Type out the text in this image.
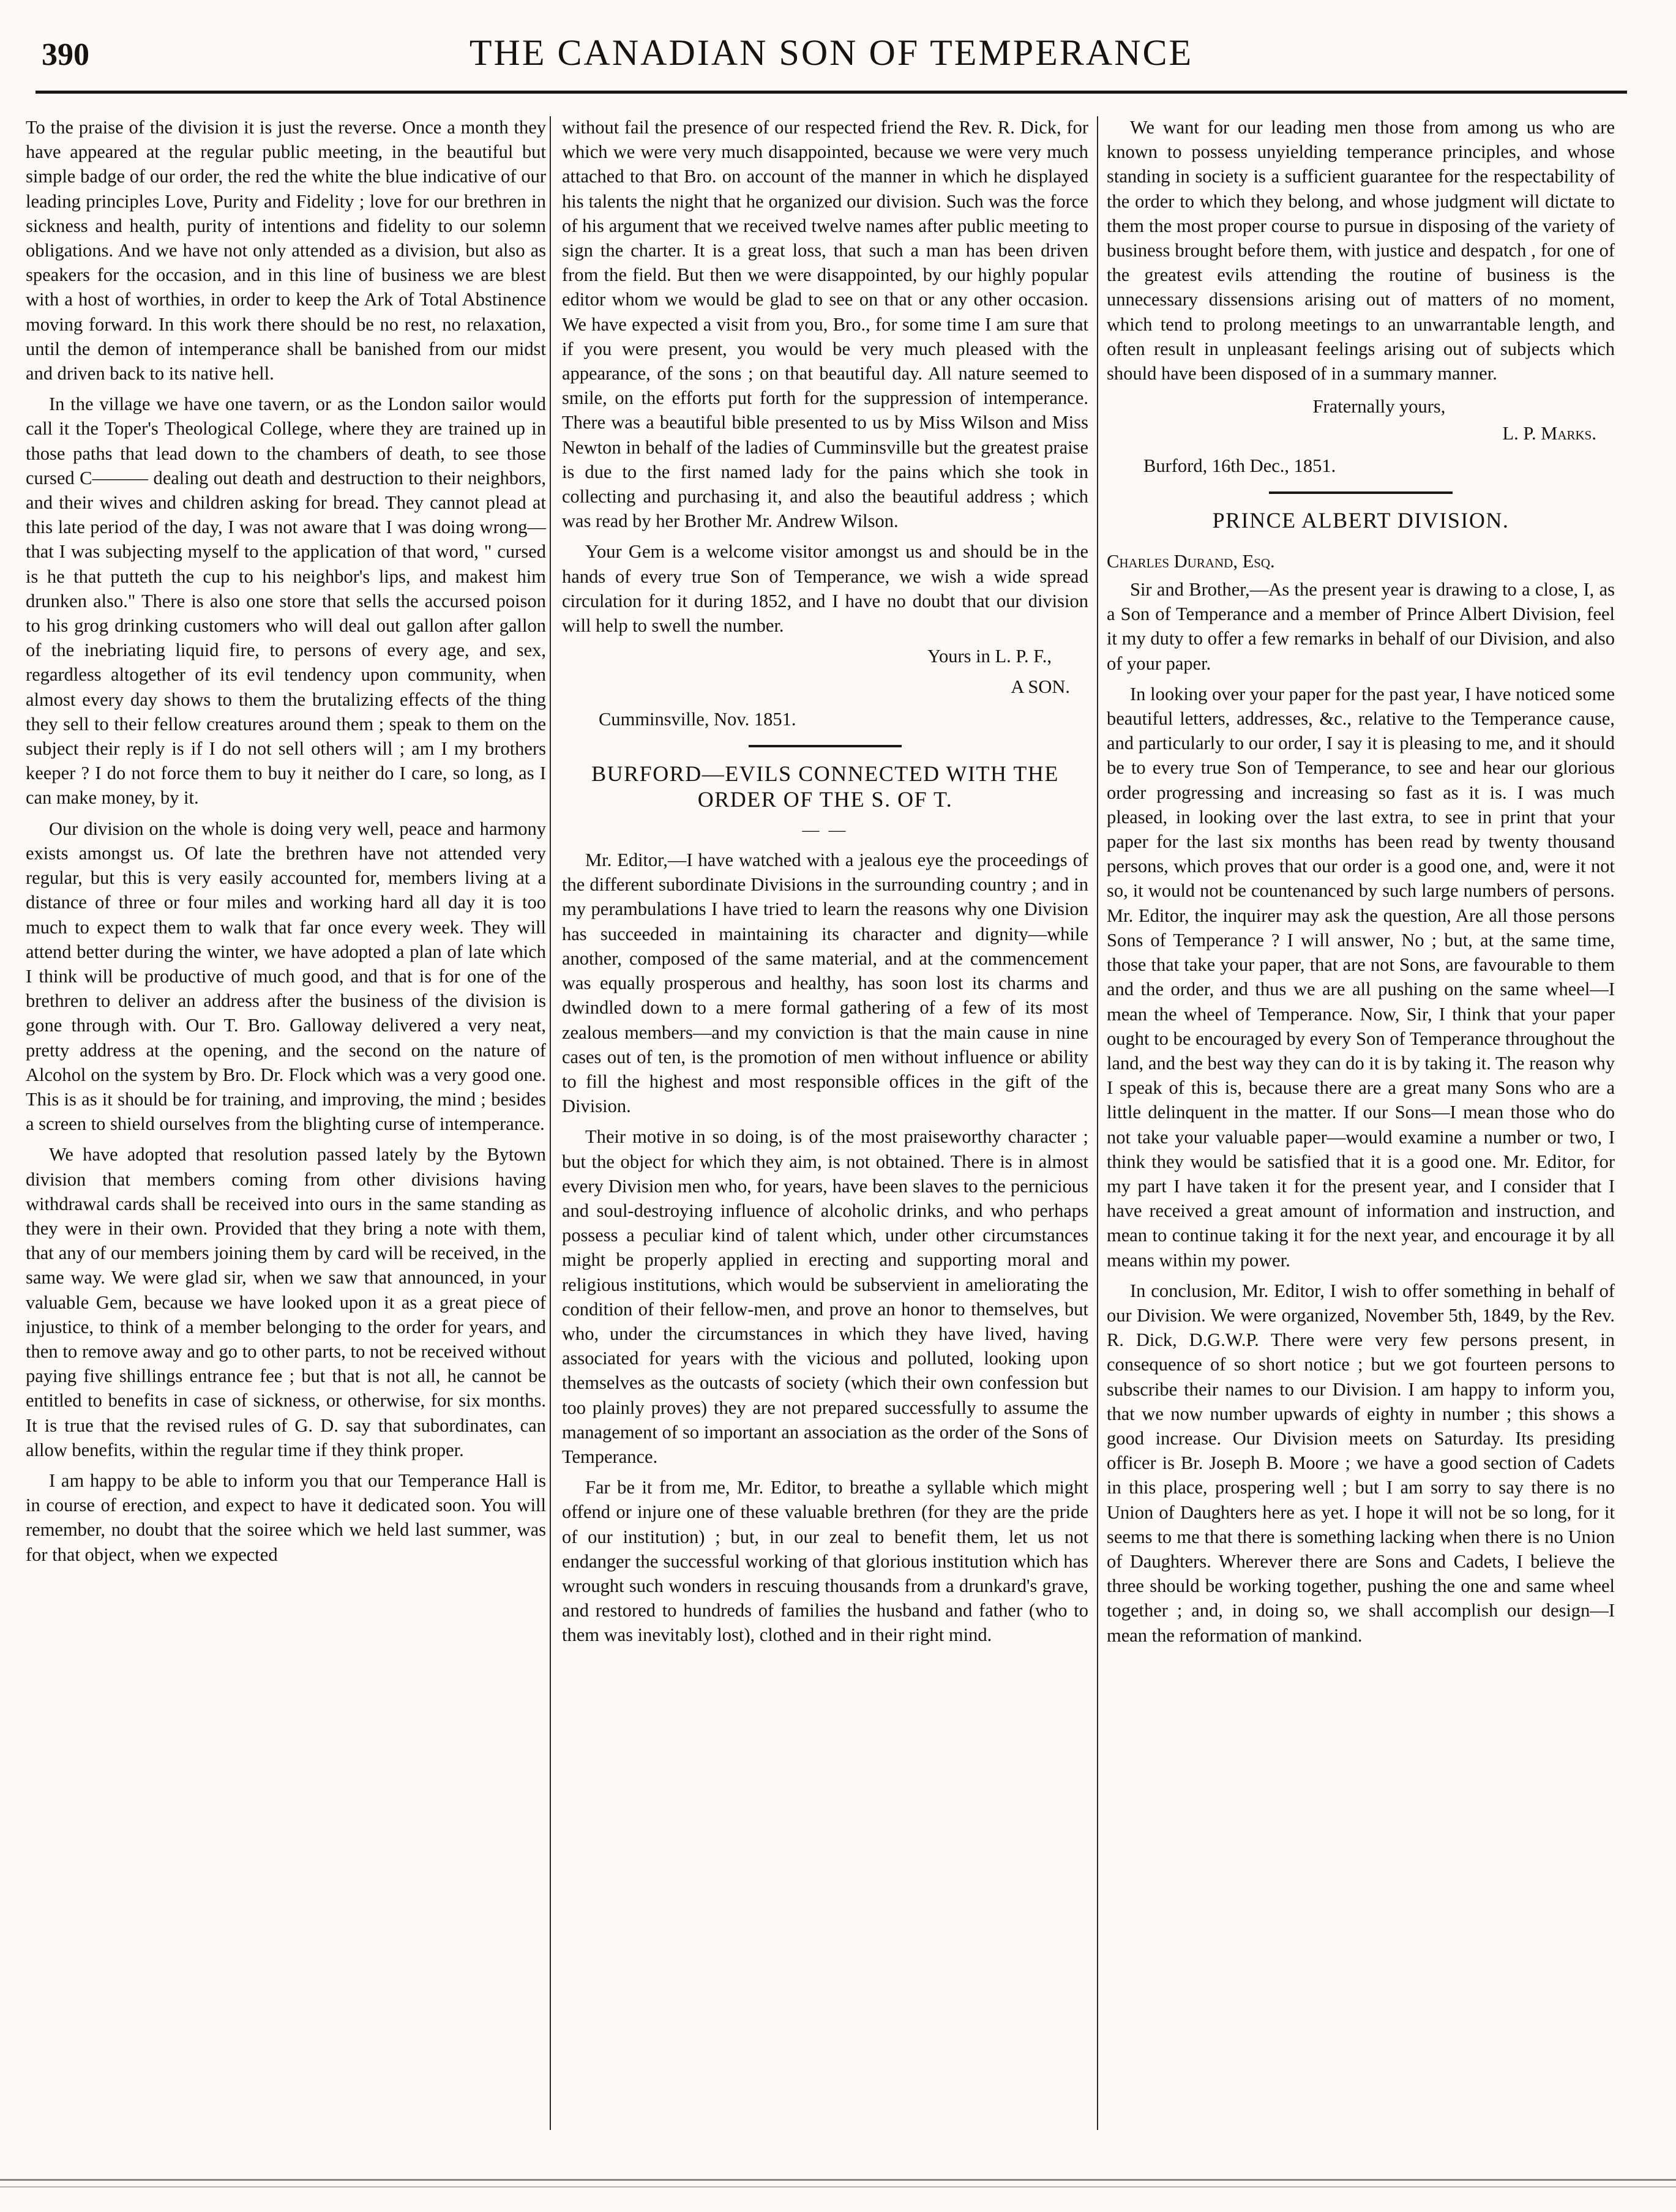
390	THE CANADIAN SON OF TEMPERANCE

To the praise of the division it is just the reverse. Once a month they have appeared at the regular public meeting, in the beautiful but simple badge of our order, the red the white the blue indicative of our leading principles Love, Purity and Fidelity ; love for our brethren in sickness and health, purity of intentions and fidelity to our solemn obligations. And we have not only attended as a division, but also as speakers for the occasion, and in this line of business we are blest with a host of worthies, in order to keep the Ark of Total Abstinence moving forward. In this work there should be no rest, no relaxation, until the demon of intemperance shall be banished from our midst and driven back to its native hell.

In the village we have one tavern, or as the London sailor would call it the Toper's Theological College, where they are trained up in those paths that lead down to the chambers of death, to see those cursed C——— dealing out death and destruction to their neighbors, and their wives and children asking for bread. They cannot plead at this late period of the day, I was not aware that I was doing wrong—that I was subjecting myself to the application of that word, " cursed is he that putteth the cup to his neighbor's lips, and makest him drunken also." There is also one store that sells the accursed poison to his grog drinking customers who will deal out gallon after gallon of the inebriating liquid fire, to persons of every age, and sex, regardless altogether of its evil tendency upon community, when almost every day shows to them the brutalizing effects of the thing they sell to their fellow creatures around them ; speak to them on the subject their reply is if I do not sell others will ; am I my brothers keeper ? I do not force them to buy it neither do I care, so long, as I can make money, by it.

Our division on the whole is doing very well, peace and harmony exists amongst us. Of late the brethren have not attended very regular, but this is very easily accounted for, members living at a distance of three or four miles and working hard all day it is too much to expect them to walk that far once every week. They will attend better during the winter, we have adopted a plan of late which I think will be productive of much good, and that is for one of the brethren to deliver an address after the business of the division is gone through with. Our T. Bro. Galloway delivered a very neat, pretty address at the opening, and the second on the nature of Alcohol on the system by Bro. Dr. Flock which was a very good one. This is as it should be for training, and improving, the mind ; besides a screen to shield ourselves from the blighting curse of intemperance.

We have adopted that resolution passed lately by the Bytown division that members coming from other divisions having withdrawal cards shall be received into ours in the same standing as they were in their own. Provided that they bring a note with them, that any of our members joining them by card will be received, in the same way. We were glad sir, when we saw that announced, in your valuable Gem, because we have looked upon it as a great piece of injustice, to think of a member belonging to the order for years, and then to remove away and go to other parts, to not be received without paying five shillings entrance fee ; but that is not all, he cannot be entitled to benefits in case of sickness, or otherwise, for six months. It is true that the revised rules of G. D. say that subordinates, can allow benefits, within the regular time if they think proper.

I am happy to be able to inform you that our Temperance Hall is in course of erection, and expect to have it dedicated soon. You will remember, no doubt that the soiree which we held last summer, was for that object, when we expected

without fail the presence of our respected friend the Rev. R. Dick, for which we were very much disappointed, because we were very much attached to that Bro. on account of the manner in which he displayed his talents the night that he organized our division. Such was the force of his argument that we received twelve names after public meeting to sign the charter. It is a great loss, that such a man has been driven from the field. But then we were disappointed, by our highly popular editor whom we would be glad to see on that or any other occasion. We have expected a visit from you, Bro., for some time I am sure that if you were present, you would be very much pleased with the appearance, of the sons ; on that beautiful day. All nature seemed to smile, on the efforts put forth for the suppression of intemperance. There was a beautiful bible presented to us by Miss Wilson and Miss Newton in behalf of the ladies of Cumminsville but the greatest praise is due to the first named lady for the pains which she took in collecting and purchasing it, and also the beautiful address ; which was read by her Brother Mr. Andrew Wilson.

Your Gem is a welcome visitor amongst us and should be in the hands of every true Son of Temperance, we wish a wide spread circulation for it during 1852, and I have no doubt that our division will help to swell the number.

Yours in L. P. F.,

A SON.

Cumminsville, Nov. 1851.

BURFORD—EVILS CONNECTED WITH THE ORDER OF THE S. OF T.

— —

Mr. Editor,—I have watched with a jealous eye the proceedings of the different subordinate Divisions in the surrounding country ; and in my perambulations I have tried to learn the reasons why one Division has succeeded in maintaining its character and dignity—while another, composed of the same material, and at the commencement was equally prosperous and healthy, has soon lost its charms and dwindled down to a mere formal gathering of a few of its most zealous members—and my conviction is that the main cause in nine cases out of ten, is the promotion of men without influence or ability to fill the highest and most responsible offices in the gift of the Division.

Their motive in so doing, is of the most praiseworthy character ; but the object for which they aim, is not obtained. There is in almost every Division men who, for years, have been slaves to the pernicious and soul-destroying influence of alcoholic drinks, and who perhaps possess a peculiar kind of talent which, under other circumstances might be properly applied in erecting and supporting moral and religious institutions, which would be subservient in ameliorating the condition of their fellow-men, and prove an honor to themselves, but who, under the circumstances in which they have lived, having associated for years with the vicious and polluted, looking upon themselves as the outcasts of society (which their own confession but too plainly proves) they are not prepared successfully to assume the management of so important an association as the order of the Sons of Temperance.

Far be it from me, Mr. Editor, to breathe a syllable which might offend or injure one of these valuable brethren (for they are the pride of our institution) ; but, in our zeal to benefit them, let us not endanger the successful working of that glorious institution which has wrought such wonders in rescuing thousands from a drunkard's grave, and restored to hundreds of families the husband and father (who to them was inevitably lost), clothed and in their right mind.

We want for our leading men those from among us who are known to possess unyielding temperance principles, and whose standing in society is a sufficient guarantee for the respectability of the order to which they belong, and whose judgment will dictate to them the most proper course to pursue in disposing of the variety of business brought before them, with justice and despatch , for one of the greatest evils attending the routine of business is the unnecessary dissensions arising out of matters of no moment, which tend to prolong meetings to an unwarrantable length, and often result in unpleasant feelings arising out of subjects which should have been disposed of in a summary manner.

Fraternally yours,

L. P. Marks.

Burford, 16th Dec., 1851.

PRINCE ALBERT DIVISION.

Charles Durand, Esq.

Sir and Brother,—As the present year is drawing to a close, I, as a Son of Temperance and a member of Prince Albert Division, feel it my duty to offer a few remarks in behalf of our Division, and also of your paper.

In looking over your paper for the past year, I have noticed some beautiful letters, addresses, &c., relative to the Temperance cause, and particularly to our order, I say it is pleasing to me, and it should be to every true Son of Temperance, to see and hear our glorious order progressing and increasing so fast as it is. I was much pleased, in looking over the last extra, to see in print that your paper for the last six months has been read by twenty thousand persons, which proves that our order is a good one, and, were it not so, it would not be countenanced by such large numbers of persons. Mr. Editor, the inquirer may ask the question, Are all those persons Sons of Temperance ? I will answer, No ; but, at the same time, those that take your paper, that are not Sons, are favourable to them and the order, and thus we are all pushing on the same wheel—I mean the wheel of Temperance. Now, Sir, I think that your paper ought to be encouraged by every Son of Temperance throughout the land, and the best way they can do it is by taking it. The reason why I speak of this is, because there are a great many Sons who are a little delinquent in the matter. If our Sons—I mean those who do not take your valuable paper—would examine a number or two, I think they would be satisfied that it is a good one. Mr. Editor, for my part I have taken it for the present year, and I consider that I have received a great amount of information and instruction, and mean to continue taking it for the next year, and encourage it by all means within my power.

In conclusion, Mr. Editor, I wish to offer something in behalf of our Division. We were organized, November 5th, 1849, by the Rev. R. Dick, D.G.W.P. There were very few persons present, in consequence of so short notice ; but we got fourteen persons to subscribe their names to our Division. I am happy to inform you, that we now number upwards of eighty in number ; this shows a good increase. Our Division meets on Saturday. Its presiding officer is Br. Joseph B. Moore ; we have a good section of Cadets in this place, prospering well ; but I am sorry to say there is no Union of Daughters here as yet. I hope it will not be so long, for it seems to me that there is something lacking when there is no Union of Daughters. Wherever there are Sons and Cadets, I believe the three should be working together, pushing the one and same wheel together ; and, in doing so, we shall accomplish our design—I mean the reformation of mankind.
